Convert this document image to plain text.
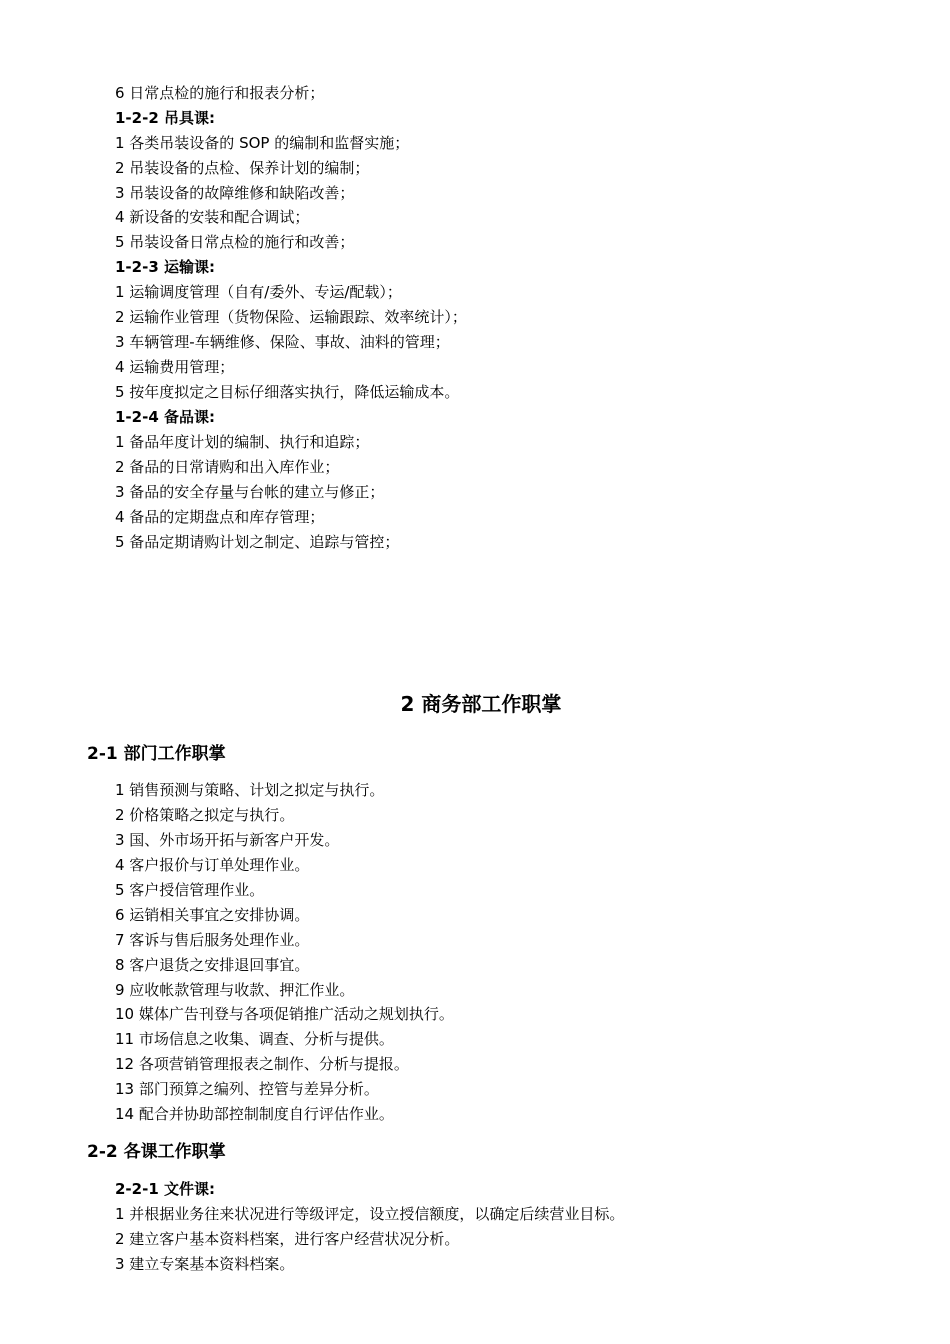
6 日常点检的施行和报表分析；
1-2-2 吊具课:
1 各类吊装设备的 SOP 的编制和监督实施；
2 吊装设备的点检、保养计划的编制；
3 吊装设备的故障维修和缺陷改善；
4 新设备的安装和配合调试；
5 吊装设备日常点检的施行和改善；
1-2-3 运输课:
1 运输调度管理（自有/委外、专运/配载）；
2 运输作业管理（货物保险、运输跟踪、效率统计）；
3 车辆管理-车辆维修、保险、事故、油料的管理；
4 运输费用管理；
5 按年度拟定之目标仔细落实执行，降低运输成本。
1-2-4 备品课:
1 备品年度计划的编制、执行和追踪；
2 备品的日常请购和出入库作业；
3 备品的安全存量与台帐的建立与修正；
4 备品的定期盘点和库存管理；
5 备品定期请购计划之制定、追踪与管控；
2 商务部工作职掌
2-1 部门工作职掌
1 销售预测与策略、计划之拟定与执行。
2 价格策略之拟定与执行。
3 国、外市场开拓与新客户开发。
4 客户报价与订单处理作业。
5 客户授信管理作业。
6 运销相关事宜之安排协调。
7 客诉与售后服务处理作业。
8 客户退货之安排退回事宜。
9 应收帐款管理与收款、押汇作业。
10 媒体广告刊登与各项促销推广活动之规划执行。
11 市场信息之收集、调查、分析与提供。
12 各项营销管理报表之制作、分析与提报。
13 部门预算之编列、控管与差异分析。
14 配合并协助部控制制度自行评估作业。
2-2 各课工作职掌
2-2-1 文件课:
1 并根据业务往来状况进行等级评定，设立授信额度，以确定后续营业目标。
2 建立客户基本资料档案，进行客户经营状况分析。
3 建立专案基本资料档案。
